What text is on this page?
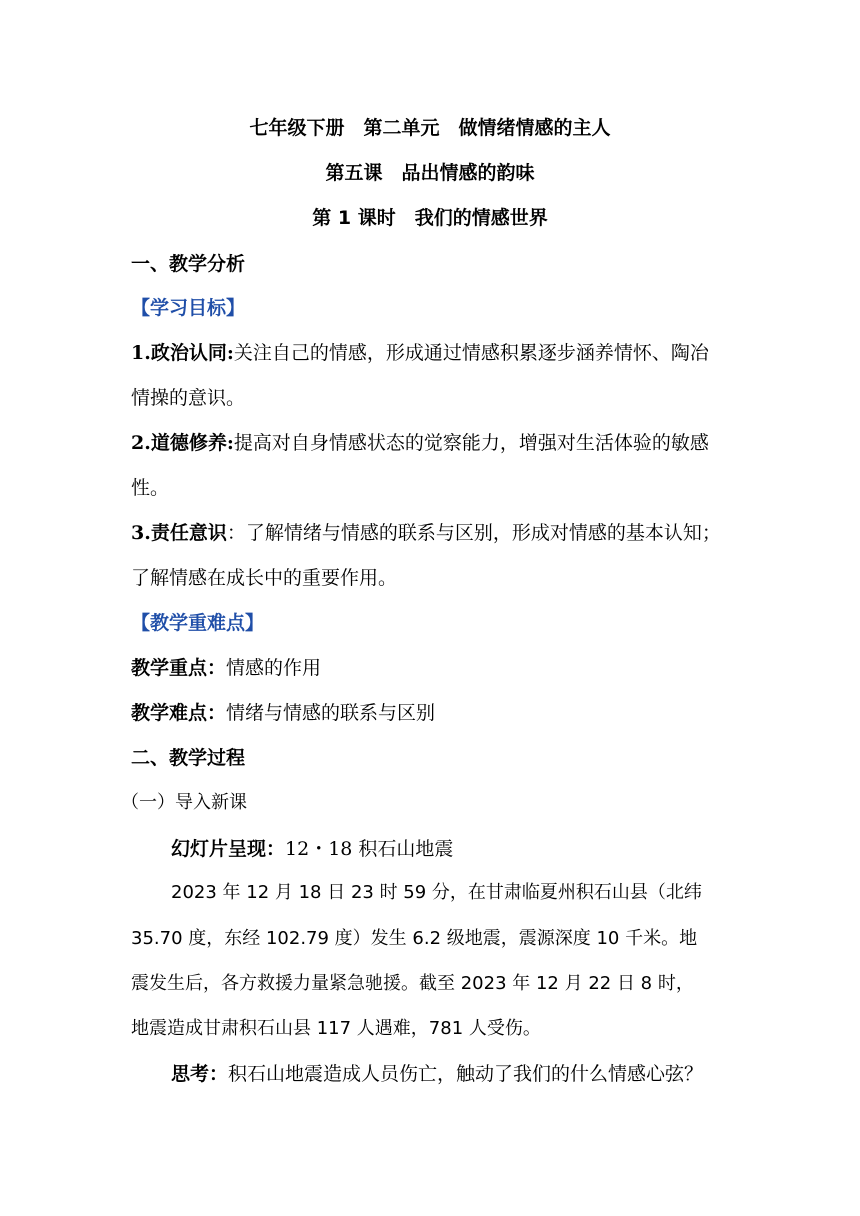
七年级下册　第二单元　做情绪情感的主人
第五课　品出情感的韵味
第 1 课时　我们的情感世界
一、教学分析
【学习目标】
1.政治认同:关注自己的情感，形成通过情感积累逐步涵养情怀、陶冶
情操的意识。
2.道德修养:提高对自身情感状态的觉察能力，增强对生活体验的敏感
性。
3.责任意识：了解情绪与情感的联系与区别，形成对情感的基本认知；
了解情感在成长中的重要作用。
【教学重难点】
教学重点：情感的作用
教学难点：情绪与情感的联系与区别
二、教学过程
（一）导入新课
幻灯片呈现：12・18 积石山地震
2023 年 12 月 18 日 23 时 59 分，在甘肃临夏州积石山县（北纬
35.70 度，东经 102.79 度）发生 6.2 级地震，震源深度 10 千米。地
震发生后，各方救援力量紧急驰援。截至 2023 年 12 月 22 日 8 时，
地震造成甘肃积石山县 117 人遇难，781 人受伤。
思考：积石山地震造成人员伤亡，触动了我们的什么情感心弦？
